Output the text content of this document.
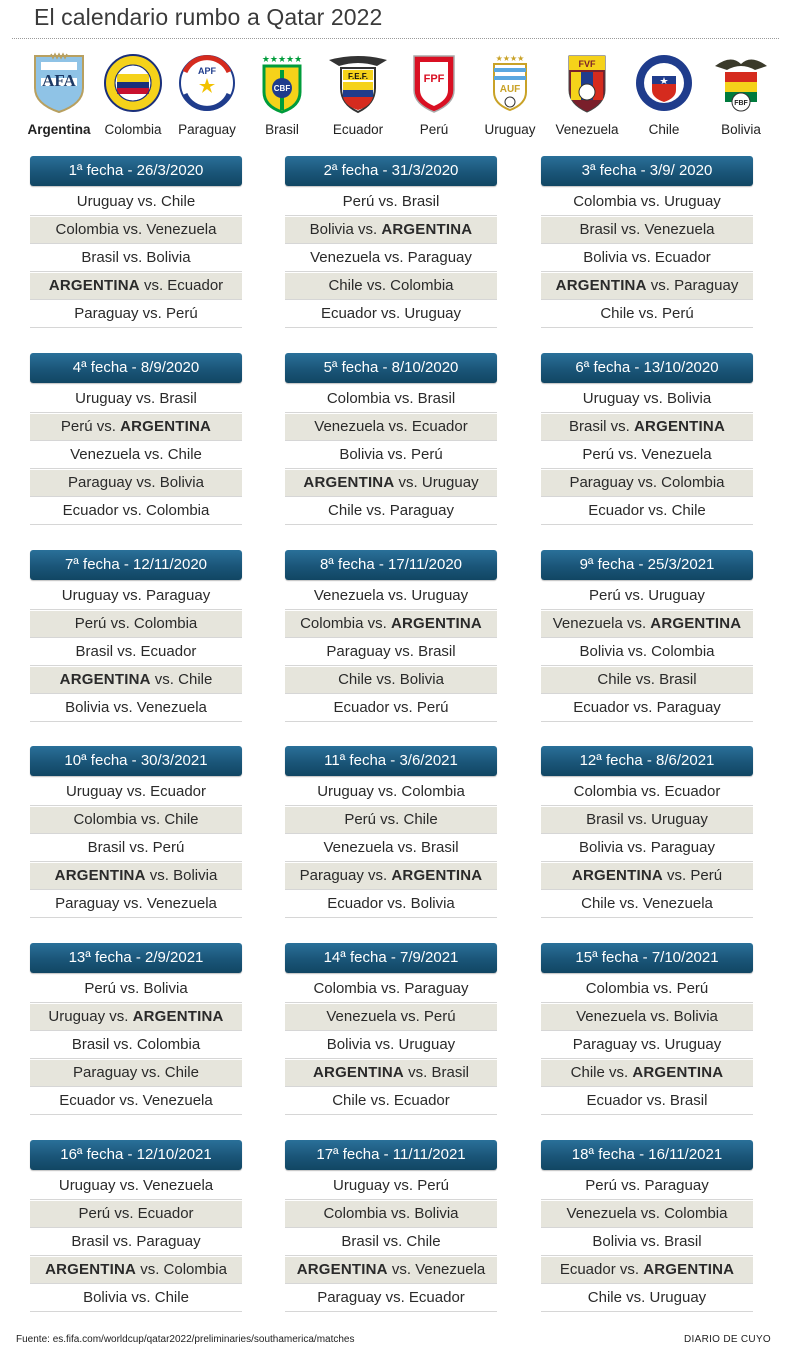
El calendario rumbo a Qatar 2022
AFA
Argentina	Colombia
APF
Paraguay
★★★★★
CBF
Brasil
F.E.F.
Ecuador
FPF
Perú
★★★★
AUF
Uruguay
FVF
Venezuela	Chile
FBF
Bolivia
1ª fecha - 26/3/2020
Uruguay vs. Chile
Colombia vs. Venezuela
Brasil vs. Bolivia
ARGENTINA vs. Ecuador
Paraguay vs. Perú
2ª fecha - 31/3/2020
Perú vs. Brasil
Bolivia vs. ARGENTINA
Venezuela vs. Paraguay
Chile vs. Colombia
Ecuador vs. Uruguay
3ª fecha - 3/9/ 2020
Colombia vs. Uruguay
Brasil vs. Venezuela
Bolivia vs. Ecuador
ARGENTINA vs. Paraguay
Chile vs. Perú
4ª fecha - 8/9/2020
Uruguay vs. Brasil
Perú vs. ARGENTINA
Venezuela vs. Chile
Paraguay vs. Bolivia
Ecuador vs. Colombia
5ª fecha - 8/10/2020
Colombia vs. Brasil
Venezuela vs. Ecuador
Bolivia vs. Perú
ARGENTINA vs. Uruguay
Chile vs. Paraguay
6ª fecha - 13/10/2020
Uruguay vs. Bolivia
Brasil vs. ARGENTINA
Perú vs. Venezuela
Paraguay vs. Colombia
Ecuador vs. Chile
7ª fecha - 12/11/2020
Uruguay vs. Paraguay
Perú vs. Colombia
Brasil vs. Ecuador
ARGENTINA vs. Chile
Bolivia vs. Venezuela
8ª fecha - 17/11/2020
Venezuela vs. Uruguay
Colombia vs. ARGENTINA
Paraguay vs. Brasil
Chile vs. Bolivia
Ecuador vs. Perú
9ª fecha - 25/3/2021
Perú vs. Uruguay
Venezuela vs. ARGENTINA
Bolivia vs. Colombia
Chile vs. Brasil
Ecuador vs. Paraguay
10ª fecha - 30/3/2021
Uruguay vs. Ecuador
Colombia vs. Chile
Brasil vs. Perú
ARGENTINA vs. Bolivia
Paraguay vs. Venezuela
11ª fecha - 3/6/2021
Uruguay vs. Colombia
Perú vs. Chile
Venezuela vs. Brasil
Paraguay vs. ARGENTINA
Ecuador vs. Bolivia
12ª fecha - 8/6/2021
Colombia vs. Ecuador
Brasil vs. Uruguay
Bolivia vs. Paraguay
ARGENTINA vs. Perú
Chile vs. Venezuela
13ª fecha - 2/9/2021
Perú vs. Bolivia
Uruguay vs. ARGENTINA
Brasil vs. Colombia
Paraguay vs. Chile
Ecuador vs. Venezuela
14ª fecha - 7/9/2021
Colombia vs. Paraguay
Venezuela vs. Perú
Bolivia vs. Uruguay
ARGENTINA vs. Brasil
Chile vs. Ecuador
15ª fecha - 7/10/2021
Colombia vs. Perú
Venezuela vs. Bolivia
Paraguay vs. Uruguay
Chile vs. ARGENTINA
Ecuador vs. Brasil
16ª fecha - 12/10/2021
Uruguay vs. Venezuela
Perú vs. Ecuador
Brasil vs. Paraguay
ARGENTINA vs. Colombia
Bolivia vs. Chile
17ª fecha - 11/11/2021
Uruguay vs. Perú
Colombia vs. Bolivia
Brasil vs. Chile
ARGENTINA vs. Venezuela
Paraguay vs. Ecuador
18ª fecha - 16/11/2021
Perú vs. Paraguay
Venezuela vs. Colombia
Bolivia vs. Brasil
Ecuador vs. ARGENTINA
Chile vs. Uruguay
Fuente: es.fifa.com/worldcup/qatar2022/preliminaries/southamerica/matches	DIARIO DE CUYO
